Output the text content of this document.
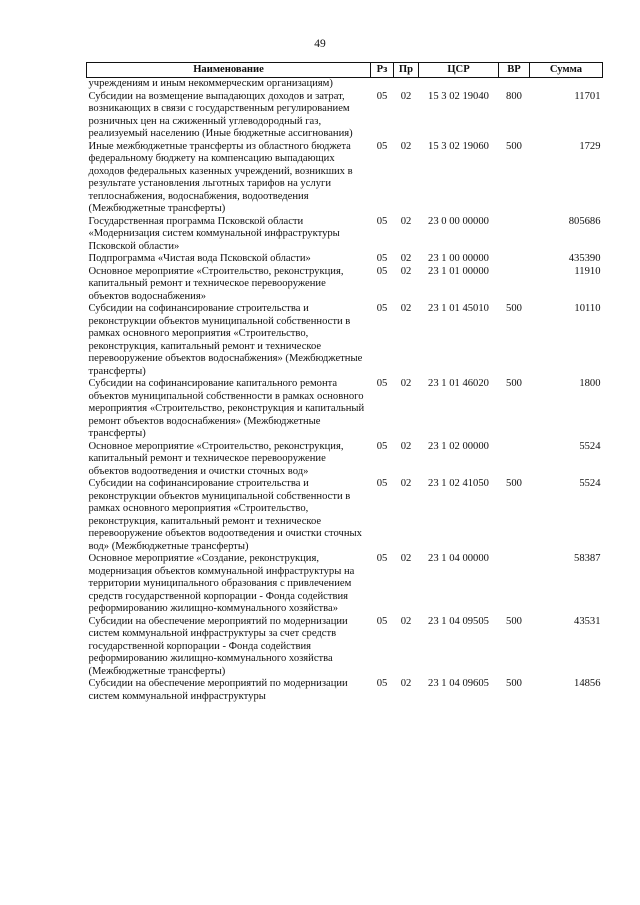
49
Наименование	Рз	Пр	ЦСР	ВР	Сумма
учреждениям и иным некоммерческим организациям)					
Субсидии на возмещение выпадающих доходов и затрат, возникающих в связи с государственным регулированием розничных цен на сжиженный углеводородный газ, реализуемый населению (Иные бюджетные ассигнования)	05	02	15 3 02 19040	800	11701
Иные межбюджетные трансферты из областного бюджета федеральному бюджету на компенсацию выпадающих доходов федеральных казенных учреждений, возникших в результате установления льготных тарифов на услуги теплоснабжения, водоснабжения, водоотведения (Межбюджетные трансферты)	05	02	15 3 02 19060	500	1729
Государственная программа Псковской области «Модернизация систем коммунальной инфраструктуры Псковской области»	05	02	23 0 00 00000		805686
Подпрограмма «Чистая вода Псковской области»	05	02	23 1 00 00000		435390
Основное мероприятие «Строительство, реконструкция, капитальный ремонт и техническое перевооружение объектов водоснабжения»	05	02	23 1 01 00000		11910
Субсидии на софинансирование строительства и реконструкции объектов муниципальной собственности в рамках основного мероприятия «Строительство, реконструкция, капитальный ремонт и техническое перевооружение объектов водоснабжения» (Межбюджетные трансферты)	05	02	23 1 01 45010	500	10110
Субсидии на софинансирование капитального ремонта объектов муниципальной собственности в рамках основного мероприятия «Строительство, реконструкция и капитальный ремонт объектов водоснабжения» (Межбюджетные трансферты)	05	02	23 1 01 46020	500	1800
Основное мероприятие «Строительство, реконструкция, капитальный ремонт и техническое перевооружение объектов водоотведения и очистки сточных вод»	05	02	23 1 02 00000		5524
Субсидии на софинансирование строительства и реконструкции объектов муниципальной собственности в рамках основного мероприятия «Строительство, реконструкция, капитальный ремонт и техническое перевооружение объектов водоотведения и очистки сточных вод» (Межбюджетные трансферты)	05	02	23 1 02 41050	500	5524
Основное мероприятие «Создание, реконструкция, модернизация объектов коммунальной инфраструктуры на территории муниципального образования с привлечением средств государственной корпорации - Фонда содействия реформированию жилищно-коммунального хозяйства»	05	02	23 1 04 00000		58387
Субсидии на обеспечение мероприятий по модернизации систем коммунальной инфраструктуры за счет средств государственной корпорации - Фонда содействия реформированию жилищно-коммунального хозяйства (Межбюджетные трансферты)	05	02	23 1 04 09505	500	43531
Субсидии на обеспечение мероприятий по модернизации систем коммунальной инфраструктуры	05	02	23 1 04 09605	500	14856
